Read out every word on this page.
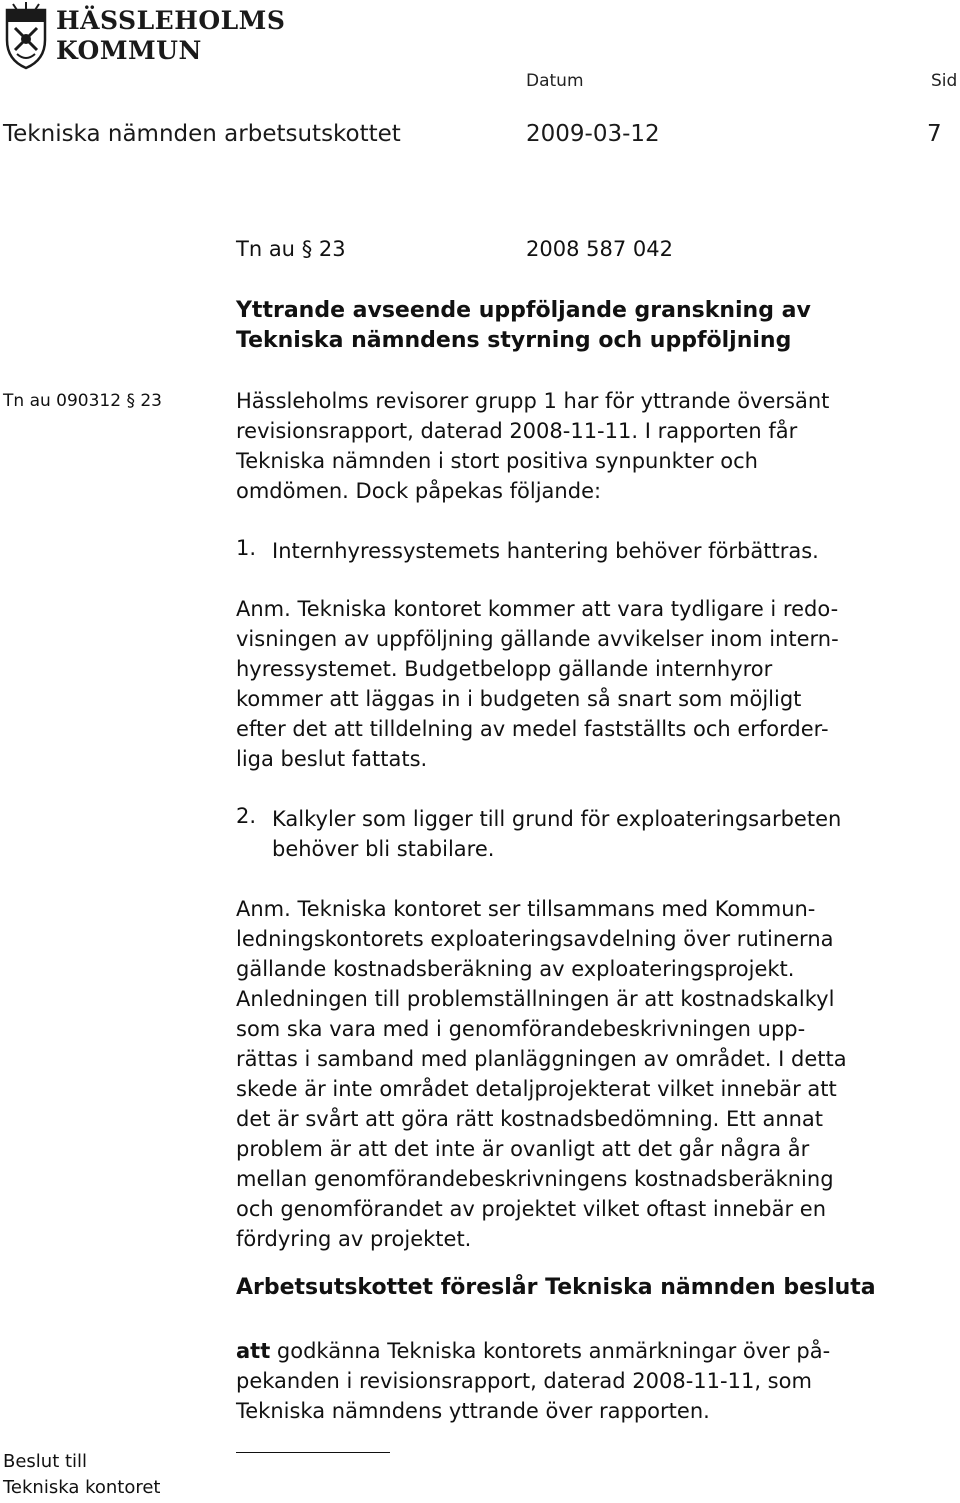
HÄSSLEHOLMS
KOMMUN
Datum	Sid
Tekniska nämnden arbetsutskottet	2009-03-12	7
Tn au § 23	2008 587 042
Yttrande avseende uppföljande granskning av
Tekniska nämndens styrning och uppföljning
Tn au 090312 § 23	Hässleholms revisorer grupp 1 har för yttrande översänt
revisionsrapport, daterad 2008-11-11. I rapporten får
Tekniska nämnden i stort positiva synpunkter och
omdömen. Dock påpekas följande:

1. Internhyressystemets hantering behöver förbättras.

Anm. Tekniska kontoret kommer att vara tydligare i redo-
visningen av uppföljning gällande avvikelser inom intern-
hyressystemet. Budgetbelopp gällande internhyror
kommer att läggas in i budgeten så snart som möjligt
efter det att tilldelning av medel fastställts och erforder-
liga beslut fattats.

2. Kalkyler som ligger till grund för exploateringsarbeten
behöver bli stabilare.

Anm. Tekniska kontoret ser tillsammans med Kommun-
ledningskontorets exploateringsavdelning över rutinerna
gällande kostnadsberäkning av exploateringsprojekt.
Anledningen till problemställningen är att kostnadskalkyl
som ska vara med i genomförandebeskrivningen upp-
rättas i samband med planläggningen av området. I detta
skede är inte området detaljprojekterat vilket innebär att
det är svårt att göra rätt kostnadsbedömning. Ett annat
problem är att det inte är ovanligt att det går några år
mellan genomförandebeskrivningens kostnadsberäkning
och genomförandet av projektet vilket oftast innebär en
fördyring av projektet.

Arbetsutskottet föreslår Tekniska nämnden besluta

att godkänna Tekniska kontorets anmärkningar över på-
pekanden i revisionsrapport, daterad 2008-11-11, som
Tekniska nämndens yttrande över rapporten.

Beslut till
Tekniska kontoret
